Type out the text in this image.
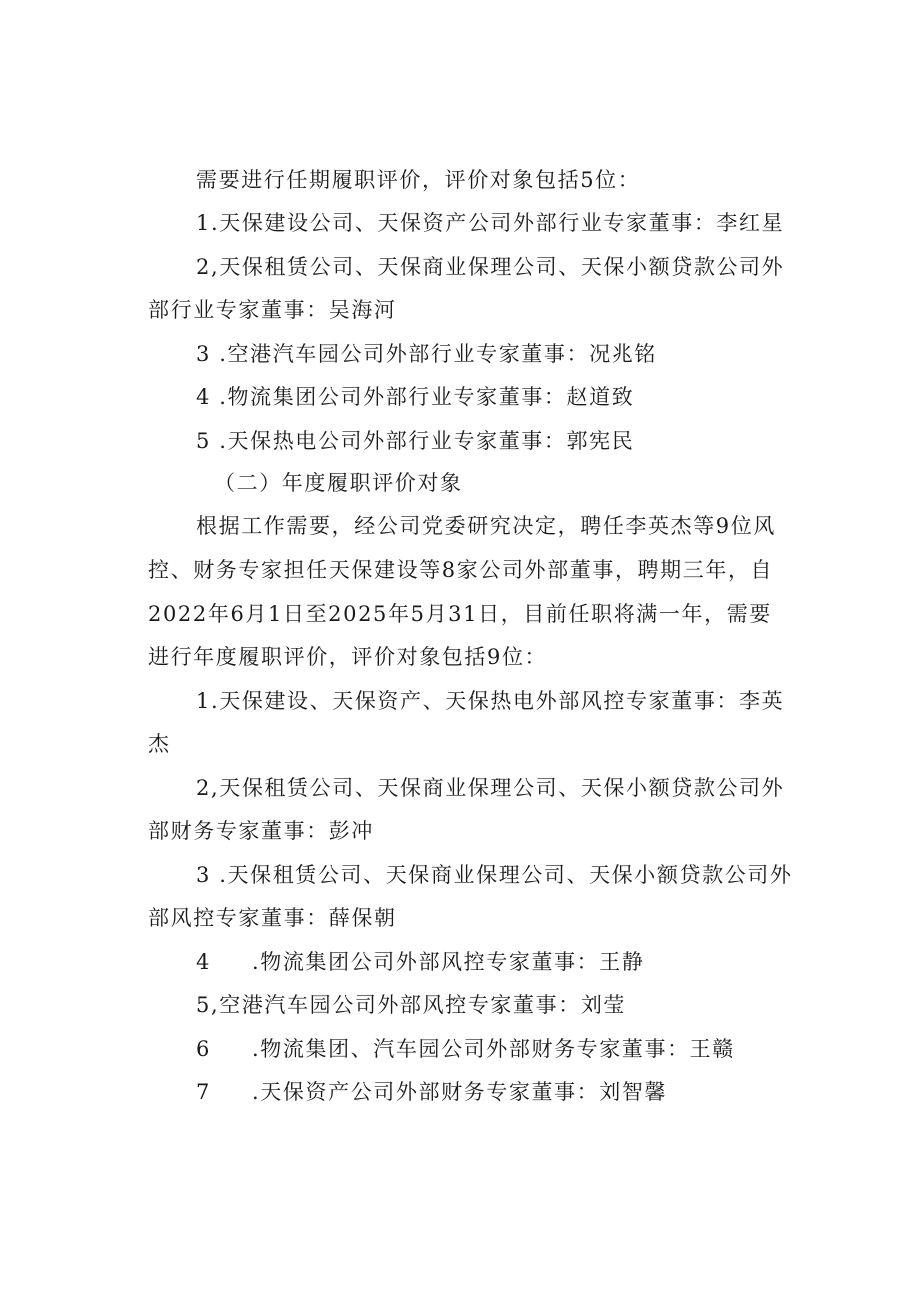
需要进行任期履职评价，评价对象包括5位：
1.天保建设公司、天保资产公司外部行业专家董事：李红星
2,天保租赁公司、天保商业保理公司、天保小额贷款公司外
部行业专家董事：吴海河
3 .空港汽车园公司外部行业专家董事：况兆铭
4 .物流集团公司外部行业专家董事：赵道致
5 .天保热电公司外部行业专家董事：郭宪民
（二）年度履职评价对象
根据工作需要，经公司党委研究决定，聘任李英杰等9位风
控、财务专家担任天保建设等8家公司外部董事，聘期三年，自
2022年6月1日至2025年5月31日，目前任职将满一年，需要
进行年度履职评价，评价对象包括9位：
1.天保建设、天保资产、天保热电外部风控专家董事：李英
杰
2,天保租赁公司、天保商业保理公司、天保小额贷款公司外
部财务专家董事：彭冲
3 .天保租赁公司、天保商业保理公司、天保小额贷款公司外
部风控专家董事：薛保朝
4 .物流集团公司外部风控专家董事：王静
5,空港汽车园公司外部风控专家董事：刘莹
6 .物流集团、汽车园公司外部财务专家董事：王赣
7 .天保资产公司外部财务专家董事：刘智馨
